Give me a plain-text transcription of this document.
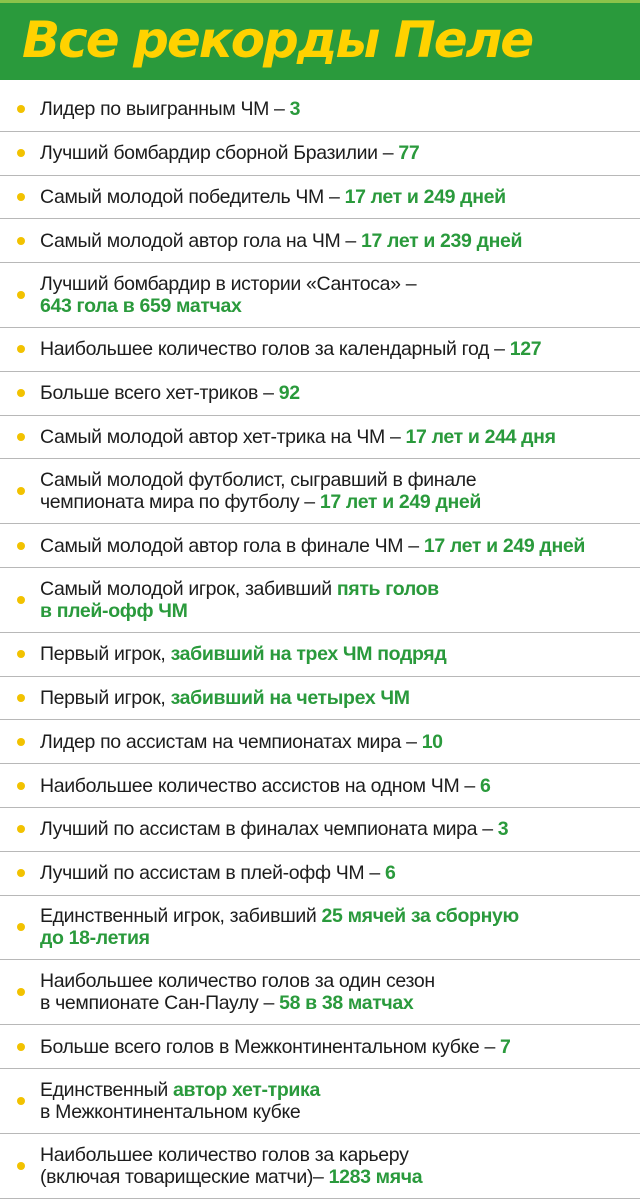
Все рекорды Пеле
Лидер по выигранным ЧМ – 3
Лучший бомбардир сборной Бразилии – 77
Самый молодой победитель ЧМ – 17 лет и 249 дней
Самый молодой автор гола на ЧМ – 17 лет и 239 дней
Лучший бомбардир в истории «Сантоса» –
643 гола в 659 матчах
Наибольшее количество голов за календарный год – 127
Больше всего хет-триков – 92
Самый молодой автор хет-трика на ЧМ – 17 лет и 244 дня
Самый молодой футболист, сыгравший в финале
чемпионата мира по футболу – 17 лет и 249 дней
Самый молодой автор гола в финале ЧМ – 17 лет и 249 дней
Самый молодой игрок, забивший пять голов
в плей-офф ЧМ
Первый игрок, забивший на трех ЧМ подряд
Первый игрок, забивший на четырех ЧМ
Лидер по ассистам на чемпионатах мира – 10
Наибольшее количество ассистов на одном ЧМ – 6
Лучший по ассистам в финалах чемпионата мира – 3
Лучший по ассистам в плей-офф ЧМ – 6
Единственный игрок, забивший 25 мячей за сборную
до 18-летия
Наибольшее количество голов за один сезон
в чемпионате Сан-Паулу – 58 в 38 матчах
Больше всего голов в Межконтинентальном кубке – 7
Единственный автор хет-трика
в Межконтинентальном кубке
Наибольшее количество голов за карьеру
(включая товарищеские матчи)– 1283 мяча
